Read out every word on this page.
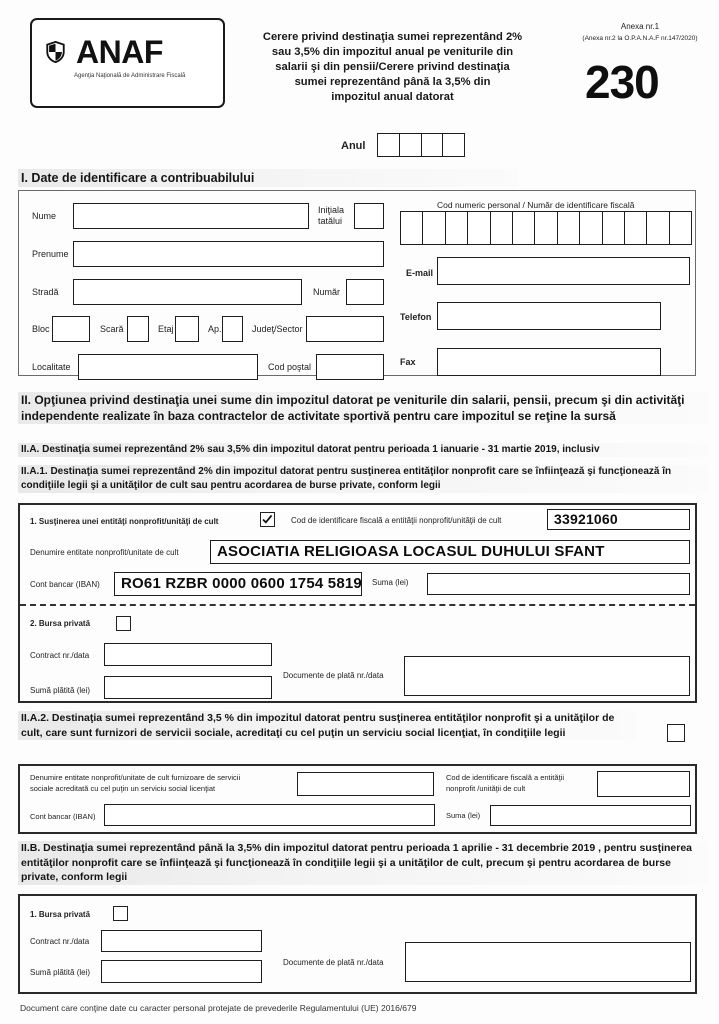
ANAF
Agenţia Naţională de Administrare Fiscală
Cerere privind destinaţia sumei reprezentând 2%
sau 3,5% din impozitul anual pe veniturile din
salarii şi din pensii/Cerere privind destinaţia
sumei reprezentând până la 3,5% din
impozitul anual datorat
Anexa nr.1
(Anexa nr.2 la O.P.A.N.A.F nr.147/2020)
230
Anul
I. Date de identificare a contribuabilului
Nume
Iniţiala
tatălui
Prenume
Stradă	Număr
Bloc	Scară	Etaj	Ap.	Judeţ/Sector
Localitate	Cod poştal
Cod numeric personal / Număr de identificare fiscală
E-mail
Telefon
Fax
II. Opţiunea privind destinaţia unei sume din impozitul datorat pe veniturile din salarii, pensii, precum şi din activităţi independente realizate în baza contractelor de activitate sportivă pentru care impozitul se reţine la sursă
II.A. Destinaţia sumei reprezentând 2% sau 3,5% din impozitul datorat pentru perioada 1 ianuarie - 31 martie 2019, inclusiv
II.A.1. Destinaţia sumei reprezentând 2% din impozitul datorat pentru susţinerea entităţilor nonprofit care se înfiinţează şi funcţionează în condiţiile legii şi a unităţilor de cult sau pentru acordarea de burse private, conform legii
1. Susţinerea unei entităţi nonprofit/unităţi de cult	Cod de identificare fiscală a entităţii nonprofit/unităţii de cult	33921060
Denumire entitate nonprofit/unitate de cult	ASOCIATIA RELIGIOASA LOCASUL DUHULUI SFANT
Cont bancar (IBAN) RO61 RZBR 0000 0600 1754 5819 Suma (lei)
2. Bursa privată
Contract nr./data
Sumă plătită (lei)
Documente de plată nr./data
II.A.2. Destinaţia sumei reprezentând 3,5 % din impozitul datorat pentru susţinerea entităţilor nonprofit şi a unităţilor de cult, care sunt furnizori de servicii sociale, acreditaţi cu cel puţin un serviciu social licenţiat, în condiţiile legii
Denumire entitate nonprofit/unitate de cult furnizoare de servicii
sociale acreditată cu cel puţin un serviciu social licenţiat
Cod de identificare fiscală a entităţii
nonprofit /unităţii de cult
Cont bancar (IBAN)	Suma (lei)
II.B. Destinaţia sumei reprezentând până la 3,5% din impozitul datorat pentru perioada 1 aprilie - 31 decembrie 2019 , pentru susţinerea entităţilor nonprofit care se înfiinţează şi funcţionează în condiţiile legii şi a unităţilor de cult, precum şi pentru acordarea de burse private, conform legii
1. Bursa privată
Contract nr./data
Sumă plătită (lei)
Documente de plată nr./data
Document care conţine date cu caracter personal protejate de prevederile Regulamentului (UE) 2016/679
